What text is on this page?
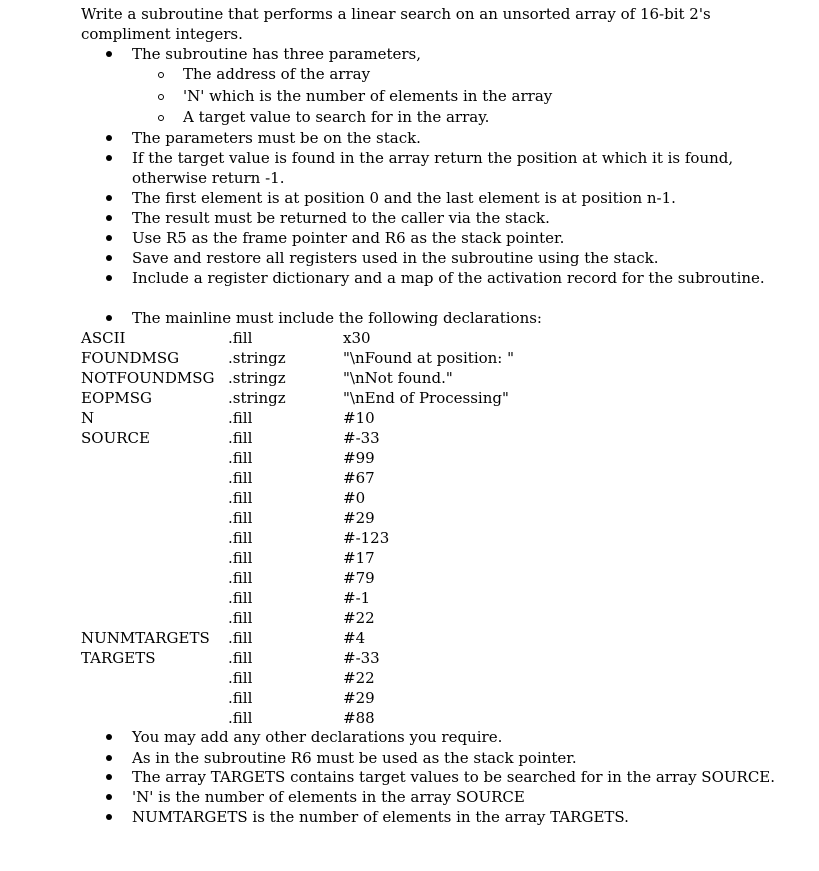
Write a subroutine that performs a linear search on an unsorted array of 16-bit 2's
compliment integers.
The subroutine has three parameters,
The address of the array
'N' which is the number of elements in the array
A target value to search for in the array.
The parameters must be on the stack.
If the target value is found in the array return the position at which it is found,
otherwise return -1.
The first element is at position 0 and the last element is at position n-1.
The result must be returned to the caller via the stack.
Use R5 as the frame pointer and R6 as the stack pointer.
Save and restore all registers used in the subroutine using the stack.
Include a register dictionary and a map of the activation record for the subroutine.
The mainline must include the following declarations:
ASCII	.fill	x30
FOUNDMSG	.stringz	"\nFound at position: "
NOTFOUNDMSG .stringz	"\nNot found."
EOPMSG	.stringz	"\nEnd of Processing"
N	.fill	#10
SOURCE	.fill	#-33
.fill	#99
.fill	#67
.fill	#0
.fill	#29
.fill	#-123
.fill	#17
.fill	#79
.fill	#-1
.fill	#22
NUNMTARGETS .fill	#4
TARGETS	.fill	#-33
.fill	#22
.fill	#29
.fill	#88
You may add any other declarations you require.
As in the subroutine R6 must be used as the stack pointer.
The array TARGETS contains target values to be searched for in the array SOURCE.
'N' is the number of elements in the array SOURCE
NUMTARGETS is the number of elements in the array TARGETS.
